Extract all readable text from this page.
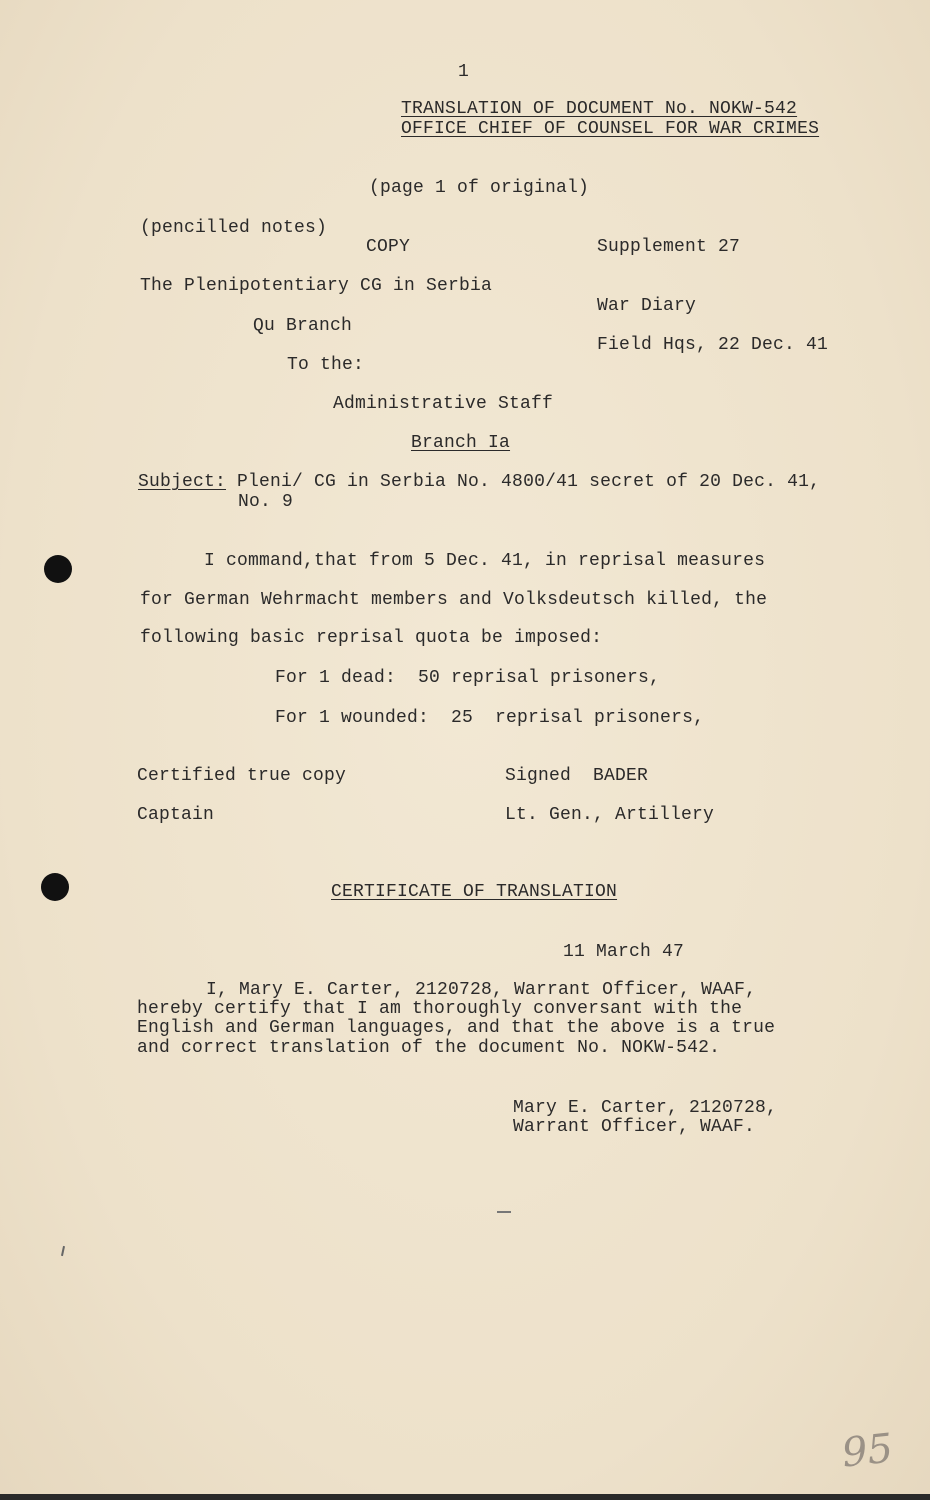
1
TRANSLATION OF DOCUMENT No. NOKW-542
OFFICE CHIEF OF COUNSEL FOR WAR CRIMES
(page 1 of original)
(pencilled notes)
COPY	Supplement 27
The Plenipotentiary CG in Serbia
War Diary
Qu Branch
Field Hqs, 22 Dec. 41
To the:
Administrative Staff
Branch Ia
Subject: Pleni/ CG in Serbia No. 4800/41 secret of 20 Dec. 41,
No. 9
I command,that from 5 Dec. 41, in reprisal measures
for German Wehrmacht members and Volksdeutsch killed, the
following basic reprisal quota be imposed:
For 1 dead:  50 reprisal prisoners,
For 1 wounded:  25  reprisal prisoners,
Certified true copy	Signed  BADER
Captain	Lt. Gen., Artillery
CERTIFICATE OF TRANSLATION
11 March 47
I, Mary E. Carter, 2120728, Warrant Officer, WAAF,
hereby certify that I am thoroughly conversant with the
English and German languages, and that the above is a true
and correct translation of the document No. NOKW-542.
Mary E. Carter, 2120728,
Warrant Officer, WAAF.
95
